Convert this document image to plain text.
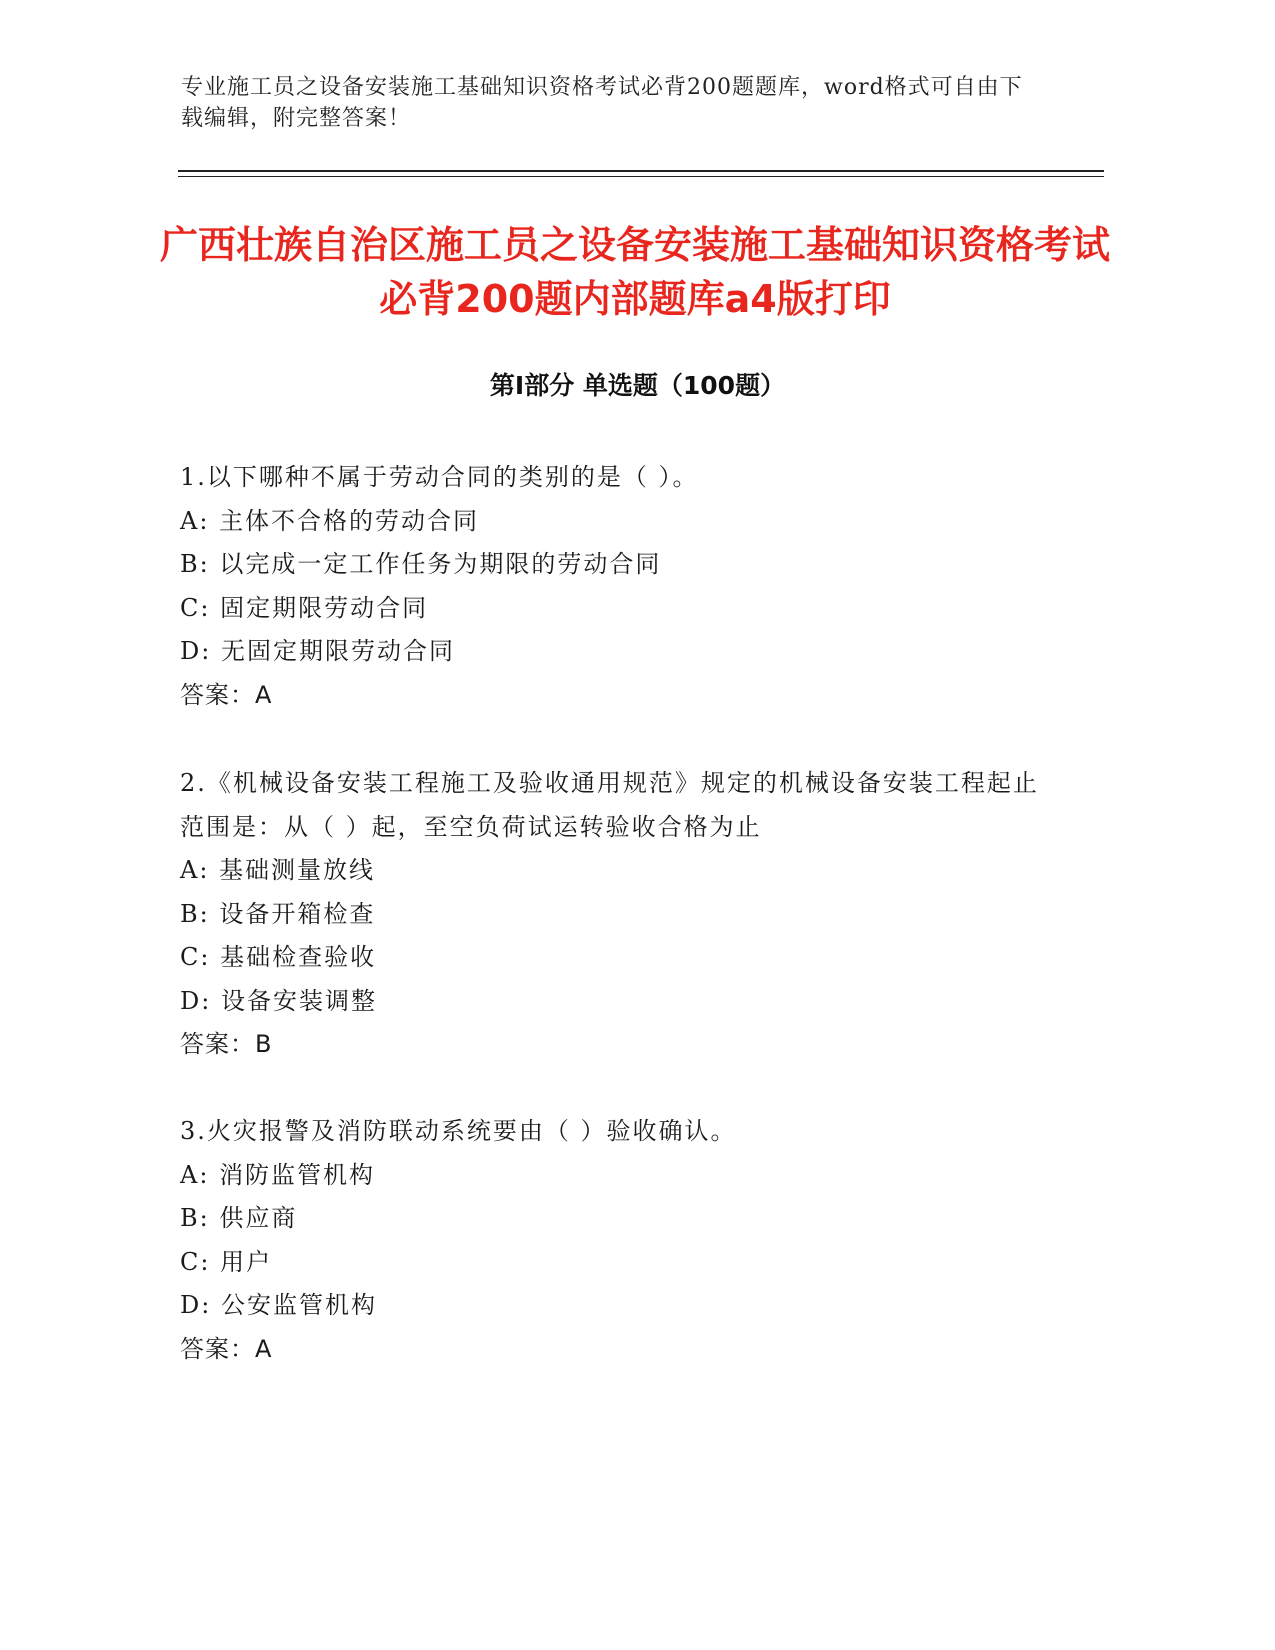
专业施工员之设备安装施工基础知识资格考试必背200题题库，word格式可自由下载编辑，附完整答案！
广西壮族自治区施工员之设备安装施工基础知识资格考试必背200题内部题库a4版打印
第I部分 单选题（100题）
1.以下哪种不属于劳动合同的类别的是（ ）。
A: 主体不合格的劳动合同
B: 以完成一定工作任务为期限的劳动合同
C: 固定期限劳动合同
D: 无固定期限劳动合同
答案：A
2.《机械设备安装工程施工及验收通用规范》规定的机械设备安装工程起止范围是：从（ ）起，至空负荷试运转验收合格为止
A: 基础测量放线
B: 设备开箱检查
C: 基础检查验收
D: 设备安装调整
答案：B
3.火灾报警及消防联动系统要由（ ）验收确认。
A: 消防监管机构
B: 供应商
C: 用户
D: 公安监管机构
答案：A
